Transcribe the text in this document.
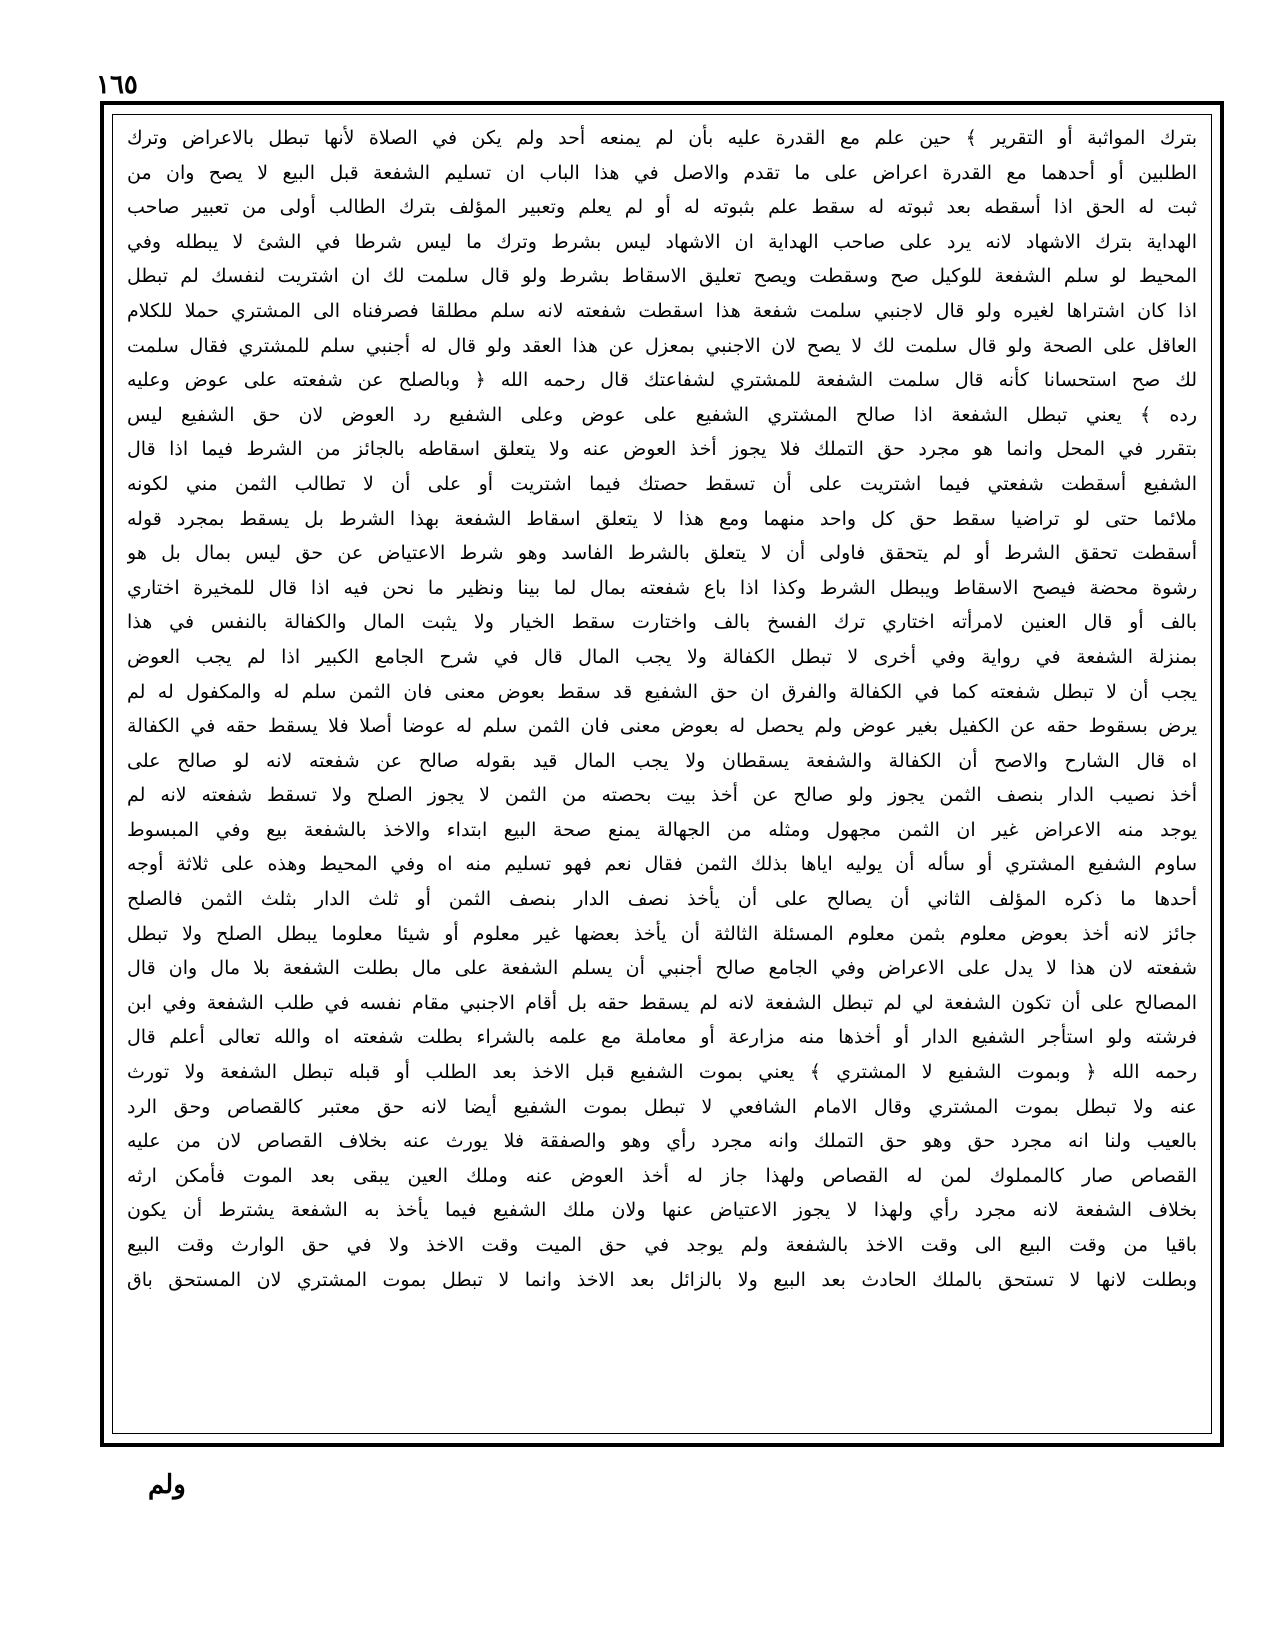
١٦٥
بترك المواثبة أو التقرير ﴾ حين علم مع القدرة عليه بأن لم يمنعه أحد ولم يكن في الصلاة لأنها تبطل بالاعراض وترك
الطلبين أو أحدهما مع القدرة اعراض على ما تقدم والاصل في هذا الباب ان تسليم الشفعة قبل البيع لا يصح وان من
ثبت له الحق اذا أسقطه بعد ثبوته له سقط علم بثبوته له أو لم يعلم وتعبير المؤلف بترك الطالب أولى من تعبير صاحب
الهداية بترك الاشهاد لانه يرد على صاحب الهداية ان الاشهاد ليس بشرط وترك ما ليس شرطا في الشئ لا يبطله وفي
المحيط لو سلم الشفعة للوكيل صح وسقطت ويصح تعليق الاسقاط بشرط ولو قال سلمت لك ان اشتريت لنفسك لم تبطل
اذا كان اشتراها لغيره ولو قال لاجنبي سلمت شفعة هذا اسقطت شفعته لانه سلم مطلقا فصرفناه الى المشتري حملا للكلام
العاقل على الصحة ولو قال سلمت لك لا يصح لان الاجنبي بمعزل عن هذا العقد ولو قال له أجنبي سلم للمشتري فقال سلمت
لك صح استحسانا كأنه قال سلمت الشفعة للمشتري لشفاعتك قال رحمه الله ﴿ وبالصلح عن شفعته على عوض وعليه
رده ﴾ يعني تبطل الشفعة اذا صالح المشتري الشفيع على عوض وعلى الشفيع رد العوض لان حق الشفيع ليس
بتقرر في المحل وانما هو مجرد حق التملك فلا يجوز أخذ العوض عنه ولا يتعلق اسقاطه بالجائز من الشرط فيما اذا قال
الشفيع أسقطت شفعتي فيما اشتريت على أن تسقط حصتك فيما اشتريت أو على أن لا تطالب الثمن مني لكونه
ملائما حتى لو تراضيا سقط حق كل واحد منهما ومع هذا لا يتعلق اسقاط الشفعة بهذا الشرط بل يسقط بمجرد قوله
أسقطت تحقق الشرط أو لم يتحقق فاولى أن لا يتعلق بالشرط الفاسد وهو شرط الاعتياض عن حق ليس بمال بل هو
رشوة محضة فيصح الاسقاط ويبطل الشرط وكذا اذا باع شفعته بمال لما بينا ونظير ما نحن فيه اذا قال للمخيرة اختاري
بالف أو قال العنين لامرأته اختاري ترك الفسخ بالف واختارت سقط الخيار ولا يثبت المال والكفالة بالنفس في هذا
بمنزلة الشفعة في رواية وفي أخرى لا تبطل الكفالة ولا يجب المال قال في شرح الجامع الكبير اذا لم يجب العوض
يجب أن لا تبطل شفعته كما في الكفالة والفرق ان حق الشفيع قد سقط بعوض معنى فان الثمن سلم له والمكفول له لم
يرض بسقوط حقه عن الكفيل بغير عوض ولم يحصل له بعوض معنى فان الثمن سلم له عوضا أصلا فلا يسقط حقه في الكفالة
اه قال الشارح والاصح أن الكفالة والشفعة يسقطان ولا يجب المال قيد بقوله صالح عن شفعته لانه لو صالح على
أخذ نصيب الدار بنصف الثمن يجوز ولو صالح عن أخذ بيت بحصته من الثمن لا يجوز الصلح ولا تسقط شفعته لانه لم
يوجد منه الاعراض غير ان الثمن مجهول ومثله من الجهالة يمنع صحة البيع ابتداء والاخذ بالشفعة بيع وفي المبسوط
ساوم الشفيع المشتري أو سأله أن يوليه اياها بذلك الثمن فقال نعم فهو تسليم منه اه وفي المحيط وهذه على ثلاثة أوجه
أحدها ما ذكره المؤلف الثاني أن يصالح على أن يأخذ نصف الدار بنصف الثمن أو ثلث الدار بثلث الثمن فالصلح
جائز لانه أخذ بعوض معلوم بثمن معلوم المسئلة الثالثة أن يأخذ بعضها غير معلوم أو شيئا معلوما يبطل الصلح ولا تبطل
شفعته لان هذا لا يدل على الاعراض وفي الجامع صالح أجنبي أن يسلم الشفعة على مال بطلت الشفعة بلا مال وان قال
المصالح على أن تكون الشفعة لي لم تبطل الشفعة لانه لم يسقط حقه بل أقام الاجنبي مقام نفسه في طلب الشفعة وفي ابن
فرشته ولو استأجر الشفيع الدار أو أخذها منه مزارعة أو معاملة مع علمه بالشراء بطلت شفعته اه والله تعالى أعلم قال
رحمه الله ﴿ وبموت الشفيع لا المشتري ﴾ يعني بموت الشفيع قبل الاخذ بعد الطلب أو قبله تبطل الشفعة ولا تورث
عنه ولا تبطل بموت المشتري وقال الامام الشافعي لا تبطل بموت الشفيع أيضا لانه حق معتبر كالقصاص وحق الرد
بالعيب ولنا انه مجرد حق وهو حق التملك وانه مجرد رأي وهو والصفقة فلا يورث عنه بخلاف القصاص لان من عليه
القصاص صار كالمملوك لمن له القصاص ولهذا جاز له أخذ العوض عنه وملك العين يبقى بعد الموت فأمكن ارثه
بخلاف الشفعة لانه مجرد رأي ولهذا لا يجوز الاعتياض عنها ولان ملك الشفيع فيما يأخذ به الشفعة يشترط أن يكون
باقيا من وقت البيع الى وقت الاخذ بالشفعة ولم يوجد في حق الميت وقت الاخذ ولا في حق الوارث وقت البيع
وبطلت لانها لا تستحق بالملك الحادث بعد البيع ولا بالزائل بعد الاخذ وانما لا تبطل بموت المشتري لان المستحق باق
ولم
